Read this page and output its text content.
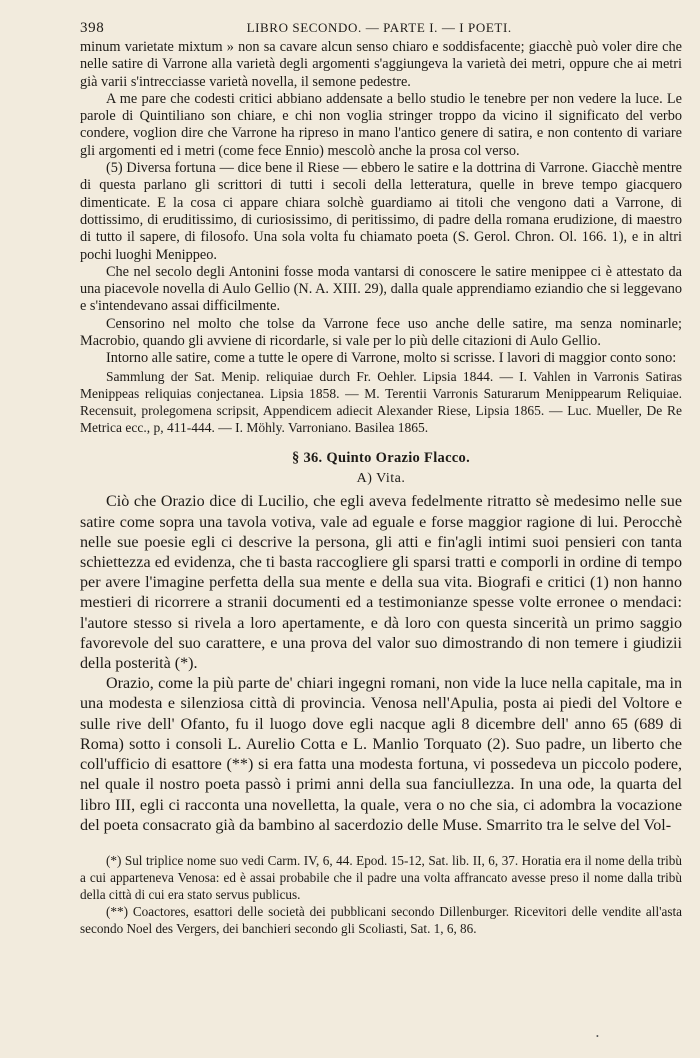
398	LIBRO SECONDO. — PARTE I. — I POETI.

minum varietate mixtum » non sa cavare alcun senso chiaro e soddisfacente; giacchè può voler dire che nelle satire di Varrone alla varietà degli argomenti s'aggiungeva la varietà dei metri, oppure che ai metri già varii s'intrecciasse varietà novella, il semone pedestre.

A me pare che codesti critici abbiano addensate a bello studio le tenebre per non vedere la luce. Le parole di Quintiliano son chiare, e chi non voglia stringer troppo da vicino il significato del verbo condere, voglion dire che Varrone ha ripreso in mano l'antico genere di satira, e non contento di variare gli argomenti ed i metri (come fece Ennio) mescolò anche la prosa col verso.

(5) Diversa fortuna — dice bene il Riese — ebbero le satire e la dottrina di Varrone. Giacchè mentre di questa parlano gli scrittori di tutti i secoli della letteratura, quelle in breve tempo giacquero dimenticate. E la cosa ci appare chiara solchè guardiamo ai titoli che vengono dati a Varrone, di dottissimo, di eruditissimo, di curiosissimo, di peritissimo, di padre della romana erudizione, di maestro di tutto il sapere, di filosofo. Una sola volta fu chiamato poeta (S. Gerol. Chron. Ol. 166. 1), e in altri pochi luoghi Menippeo.

Che nel secolo degli Antonini fosse moda vantarsi di conoscere le satire menippee ci è attestato da una piacevole novella di Aulo Gellio (N. A. XIII. 29), dalla quale apprendiamo eziandio che si leggevano e s'intendevano assai difficilmente.

Censorino nel molto che tolse da Varrone fece uso anche delle satire, ma senza nominarle; Macrobio, quando gli avviene di ricordarle, si vale per lo più delle citazioni di Aulo Gellio.

Intorno alle satire, come a tutte le opere di Varrone, molto si scrisse. I lavori di maggior conto sono:

Sammlung der Sat. Menip. reliquiae durch Fr. Oehler. Lipsia 1844. — I. Vahlen in Varronis Satiras Menippeas reliquias conjectanea. Lipsia 1858. — M. Terentii Varronis Saturarum Menippearum Reliquiae. Recensuit, prolegomena scripsit, Appendicem adiecit Alexander Riese, Lipsia 1865. — Luc. Mueller, De Re Metrica ecc., p, 411-444. — I. Möhly. Varroniano. Basilea 1865.

§ 36. Quinto Orazio Flacco.
A) Vita.

Ciò che Orazio dice di Lucilio, che egli aveva fedelmente ritratto sè medesimo nelle sue satire come sopra una tavola votiva, vale ad eguale e forse maggior ragione di lui. Perocchè nelle sue poesie egli ci descrive la persona, gli atti e fin'agli intimi suoi pensieri con tanta schiettezza ed evidenza, che ti basta raccogliere gli sparsi tratti e comporli in ordine di tempo per avere l'imagine perfetta della sua mente e della sua vita. Biografi e critici (1) non hanno mestieri di ricorrere a stranii documenti ed a testimonianze spesse volte erronee o mendaci: l'autore stesso si rivela a loro apertamente, e dà loro con questa sincerità un primo saggio favorevole del suo carattere, e una prova del valor suo dimostrando di non temere i giudizii della posterità (*).

Orazio, come la più parte de' chiari ingegni romani, non vide la luce nella capitale, ma in una modesta e silenziosa città di provincia. Venosa nell'Apulia, posta ai piedi del Voltore e sulle rive dell' Ofanto, fu il luogo dove egli nacque agli 8 dicembre dell' anno 65 (689 di Roma) sotto i consoli L. Aurelio Cotta e L. Manlio Torquato (2). Suo padre, un liberto che coll'ufficio di esattore (**) si era fatta una modesta fortuna, vi possedeva un piccolo podere, nel quale il nostro poeta passò i primi anni della sua fanciullezza. In una ode, la quarta del libro III, egli ci racconta una novelletta, la quale, vera o no che sia, ci adombra la vocazione del poeta consacrato già da bambino al sacerdozio delle Muse. Smarrito tra le selve del Vol-

(*) Sul triplice nome suo vedi Carm. IV, 6, 44. Epod. 15-12, Sat. lib. II, 6, 37. Horatia era il nome della tribù a cui apparteneva Venosa: ed è assai probabile che il padre una volta affrancato avesse preso il nome dalla tribù della città di cui era stato servus publicus.

(**) Coactores, esattori delle società dei pubblicani secondo Dillenburger. Ricevitori delle vendite all'asta secondo Noel des Vergers, dei banchieri secondo gli Scoliasti, Sat. 1, 6, 86.

•
